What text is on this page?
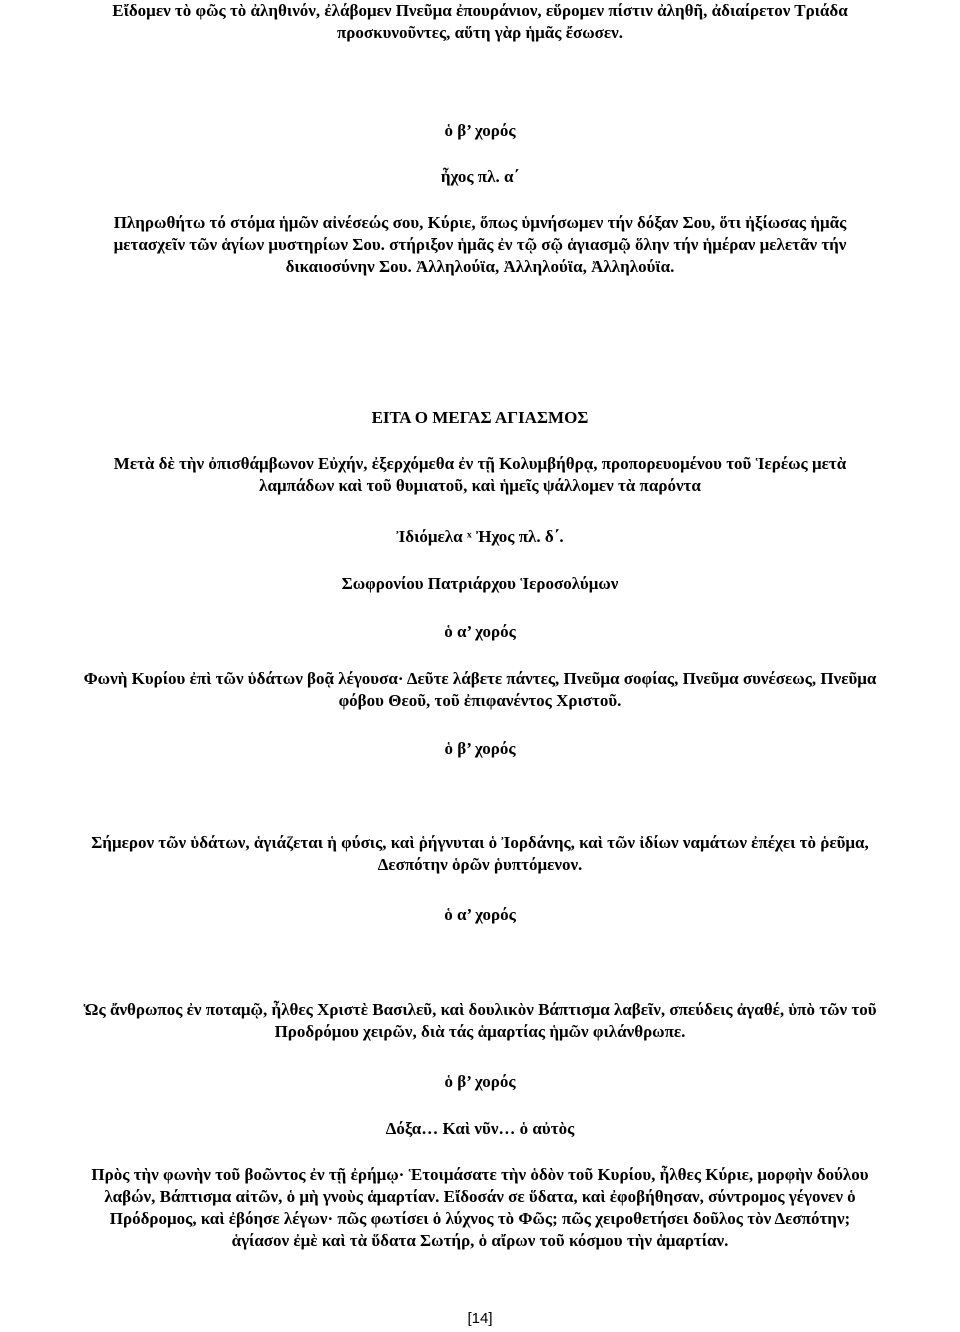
Εἴδομεν τὸ φῶς τὸ ἀληθινόν, ἐλάβομεν Πνεῦμα ἐπουράνιον, εὕρομεν πίστιν ἀληθῆ, ἀδιαίρετον Τριάδα
προσκυνοῦντες, αὕτη γὰρ ἡμᾶς ἔσωσεν.
ὁ β’ χορός
ἦχος πλ. α΄
Πληρωθήτω τό στόμα ἡμῶν αἰνέσεώς σου, Κύριε, ὅπως ὑμνήσωμεν τήν δόξαν Σου, ὅτι ἠξίωσας ἡμᾶς
μετασχεῖν τῶν ἁγίων μυστηρίων Σου. στήριξον ἡμᾶς ἐν τῷ σῷ ἁγιασμῷ ὅλην τήν ἡμέραν μελετᾶν τήν
δικαιοσύνην Σου. Ἀλληλούϊα, Ἀλληλούϊα, Ἀλληλούϊα.
ΕΙΤΑ Ο ΜΕΓΑΣ ΑΓΙΑΣΜΟΣ
Μετὰ δὲ τὴν ὀπισθάμβωνον Εὐχήν, ἐξερχόμεθα ἐν τῇ Κολυμβήθρᾳ, προπορευομένου τοῦ Ἱερέως μετὰ
λαμπάδων καὶ τοῦ θυμιατοῦ, καὶ ἡμεῖς ψάλλομεν τὰ παρόντα
Ἰδιόμελα ͯ Ἠχος πλ. δ΄.
Σωφρονίου Πατριάρχου Ἱεροσολύμων
ὁ α’ χορός
Φωνὴ Κυρίου ἐπὶ τῶν ὑδάτων βοᾷ λέγουσα· Δεῦτε λάβετε πάντες, Πνεῦμα σοφίας, Πνεῦμα συνέσεως, Πνεῦμα
φόβου Θεοῦ, τοῦ ἐπιφανέντος Χριστοῦ.
ὁ β’ χορός
Σήμερον τῶν ὑδάτων, ἁγιάζεται ἡ φύσις, καὶ ῥήγνυται ὁ Ἰορδάνης, καὶ τῶν ἰδίων ναμάτων ἐπέχει τὸ ῥεῦμα,
Δεσπότην ὁρῶν ῥυπτόμενον.
ὁ α’ χορός
Ὡς ἄνθρωπος ἐν ποταμῷ, ἦλθες Χριστὲ Βασιλεῦ, καὶ δουλικὸν Βάπτισμα λαβεῖν, σπεύδεις ἀγαθέ, ὑπὸ τῶν τοῦ
Προδρόμου χειρῶν, διὰ τάς ἁμαρτίας ἡμῶν φιλάνθρωπε.
ὁ β’ χορός
Δόξα… Καὶ νῦν… ὁ αὐτὸς
Πρὸς τὴν φωνὴν τοῦ βοῶντος ἐν τῇ ἐρήμῳ· Ἑτοιμάσατε τὴν ὁδὸν τοῦ Κυρίου, ἦλθες Κύριε, μορφὴν δούλου
λαβών, Βάπτισμα αἰτῶν, ὁ μὴ γνοὺς ἁμαρτίαν. Εἴδοσάν σε ὕδατα, καὶ ἐφοβήθησαν, σύντρομος γέγονεν ὁ
Πρόδρομος, καὶ ἐβόησε λέγων· πῶς φωτίσει ὁ λύχνος τὸ Φῶς; πῶς χειροθετήσει δοῦλος τὸν Δεσπότην;
ἁγίασον ἐμὲ καὶ τὰ ὕδατα Σωτήρ, ὁ αἴρων τοῦ κόσμου τὴν ἁμαρτίαν.
[14]
